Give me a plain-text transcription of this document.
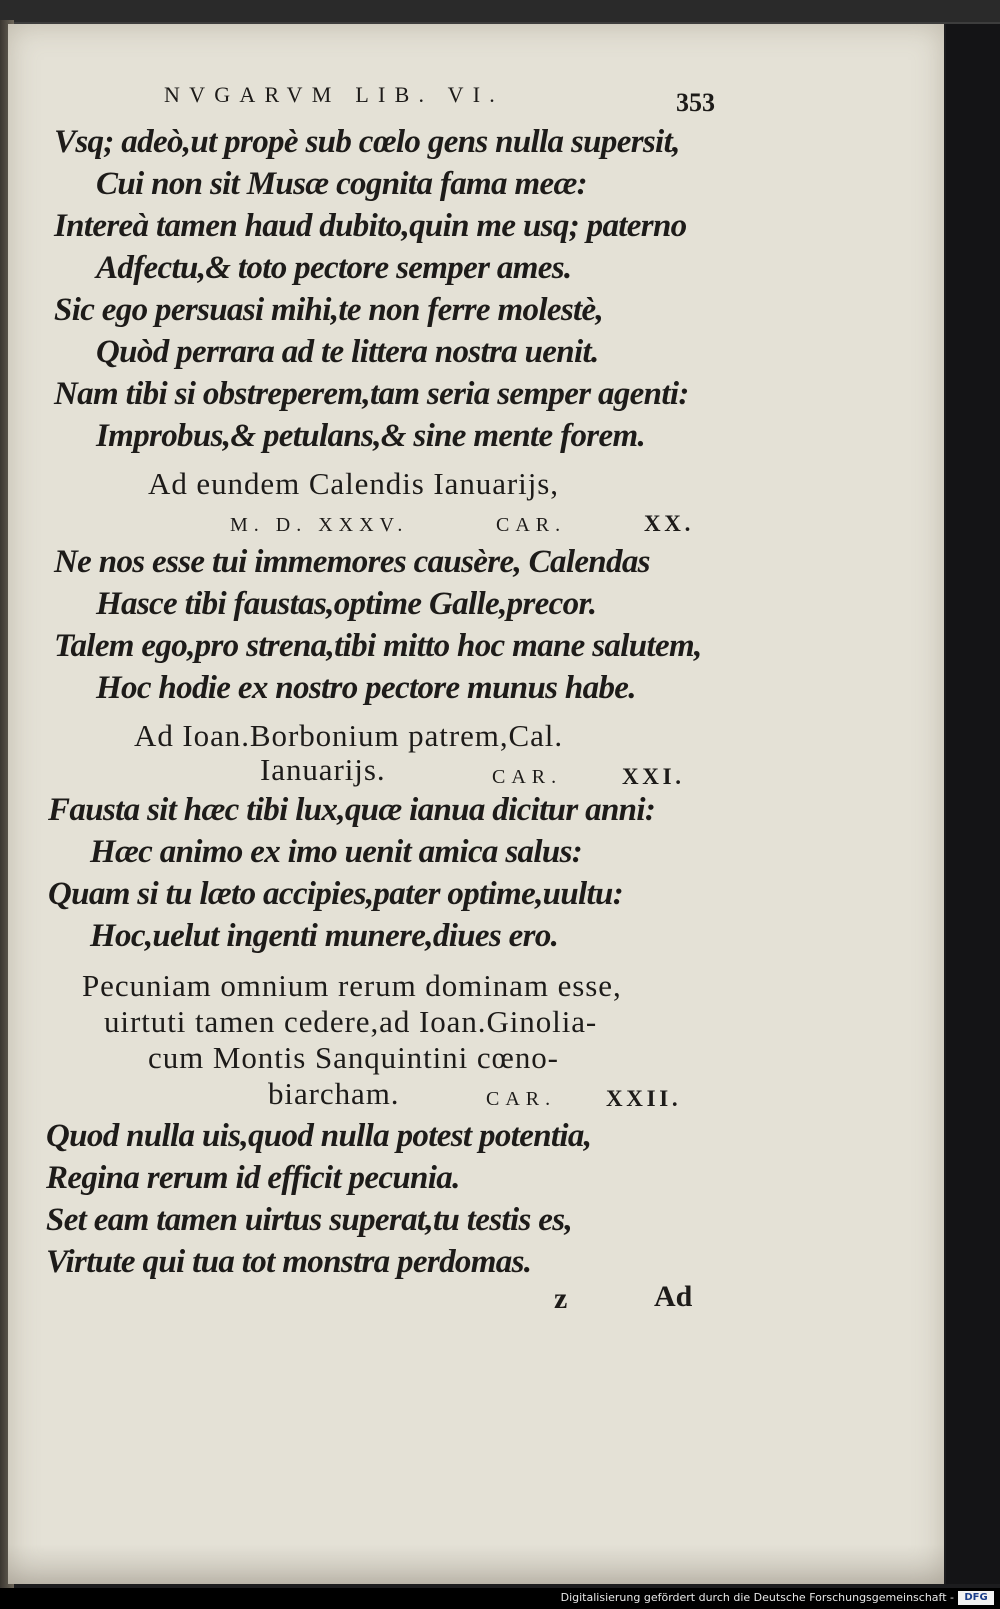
NVGARVM LIB. VI.	353
Vsq; adeò,ut propè sub cœlo gens nulla supersit,
Cui non sit Musæ cognita fama meæ:
Intereà tamen haud dubito,quin me usq; paterno
Adfectu,& toto pectore semper ames.
Sic ego persuasi mihi,te non ferre molestè,
Quòd perrara ad te littera nostra uenit.
Nam tibi si obstreperem,tam seria semper agenti:
Improbus,& petulans,& sine mente forem.
Ad eundem Calendis Ianuarijs,
M. D. XXXV.	CAR.	XX.
Ne nos esse tui immemores causère, Calendas
Hasce tibi faustas,optime Galle,precor.
Talem ego,pro strena,tibi mitto hoc mane salutem,
Hoc hodie ex nostro pectore munus habe.
Ad Ioan.Borbonium patrem,Cal.
Ianuarijs.	CAR.	XXI.
Fausta sit hæc tibi lux,quæ ianua dicitur anni:
Hæc animo ex imo uenit amica salus:
Quam si tu læto accipies,pater optime,uultu:
Hoc,uelut ingenti munere,diues ero.
Pecuniam omnium rerum dominam esse,
uirtuti tamen cedere,ad Ioan.Ginolia-
cum Montis Sanquintini cœno-
biarcham.	CAR. XXII.
Quod nulla uis,quod nulla potest potentia,
Regina rerum id efficit pecunia.
Set eam tamen uirtus superat,tu testis es,
Virtute qui tua tot monstra perdomas.
z	Ad
Digitalisierung gefördert durch die Deutsche Forschungsgemeinschaft -	DFG
